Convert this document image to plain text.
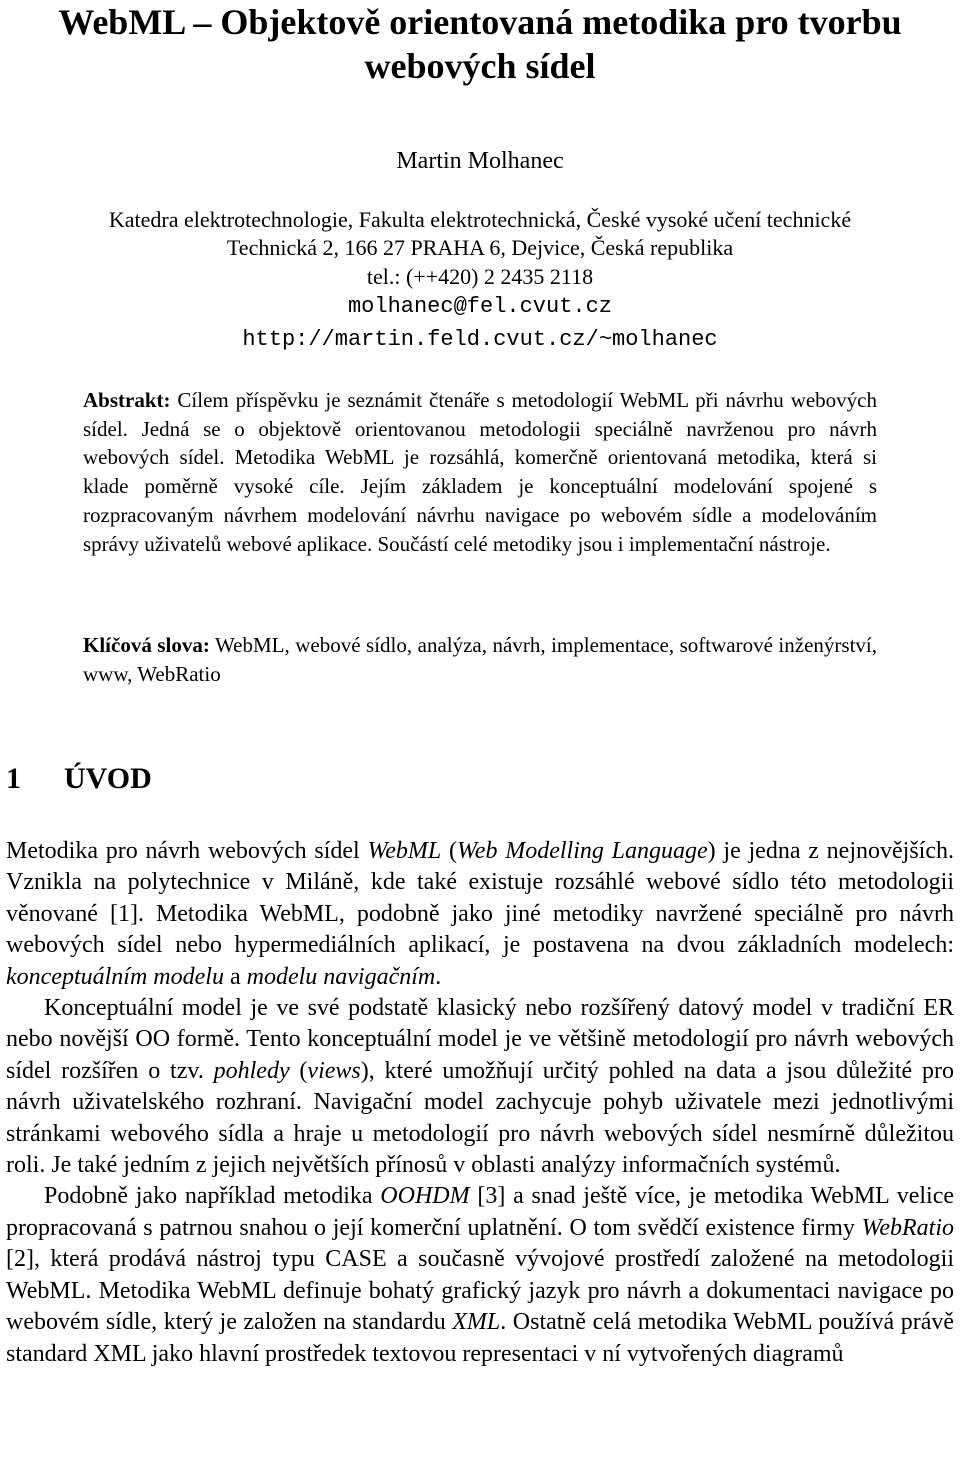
WebML – Objektově orientovaná metodika pro tvorbu
webových sídel
Martin Molhanec
Katedra elektrotechnologie, Fakulta elektrotechnická, České vysoké učení technické
Technická 2, 166 27 PRAHA 6, Dejvice, Česká republika
tel.: (++420) 2 2435 2118
molhanec@fel.cvut.cz
http://martin.feld.cvut.cz/~molhanec
Abstrakt: Cílem příspěvku je seznámit čtenáře s metodologií WebML při návrhu webových sídel. Jedná se o objektově orientovanou metodologii speciálně navrženou pro návrh webových sídel. Metodika WebML je rozsáhlá, komerčně orientovaná metodika, která si klade poměrně vysoké cíle. Jejím základem je konceptuální modelování spojené s rozpracovaným návrhem modelování návrhu navigace po webovém sídle a modelováním správy uživatelů webové aplikace. Součástí celé metodiky jsou i implementační nástroje.
Klíčová slova: WebML, webové sídlo, analýza, návrh, implementace, softwarové inženýrství, www, WebRatio
1 ÚVOD

Metodika pro návrh webových sídel WebML (Web Modelling Language) je jedna z nejnovějších. Vznikla na polytechnice v Miláně, kde také existuje rozsáhlé webové sídlo této metodologii věnované [1]. Metodika WebML, podobně jako jiné metodiky navržené speciálně pro návrh webových sídel nebo hypermediálních aplikací, je postavena na dvou základních modelech: konceptuálním modelu a modelu navigačním.

Konceptuální model je ve své podstatě klasický nebo rozšířený datový model v tradiční ER nebo novější OO formě. Tento konceptuální model je ve většině metodologií pro návrh webových sídel rozšířen o tzv. pohledy (views), které umožňují určitý pohled na data a jsou důležité pro návrh uživatelského rozhraní. Navigační model zachycuje pohyb uživatele mezi jednotlivými stránkami webového sídla a hraje u metodologií pro návrh webových sídel nesmírně důležitou roli. Je také jedním z jejich největších přínosů v oblasti analýzy informačních systémů.

Podobně jako například metodika OOHDM [3] a snad ještě více, je metodika WebML velice propracovaná s patrnou snahou o její komerční uplatnění. O tom svědčí existence firmy WebRatio [2], která prodává nástroj typu CASE a současně vývojové prostředí založené na metodologii WebML. Metodika WebML definuje bohatý grafický jazyk pro návrh a dokumentaci navigace po webovém sídle, který je založen na standardu XML. Ostatně celá metodika WebML používá právě standard XML jako hlavní prostředek textovou representaci v ní vytvořených diagramů
